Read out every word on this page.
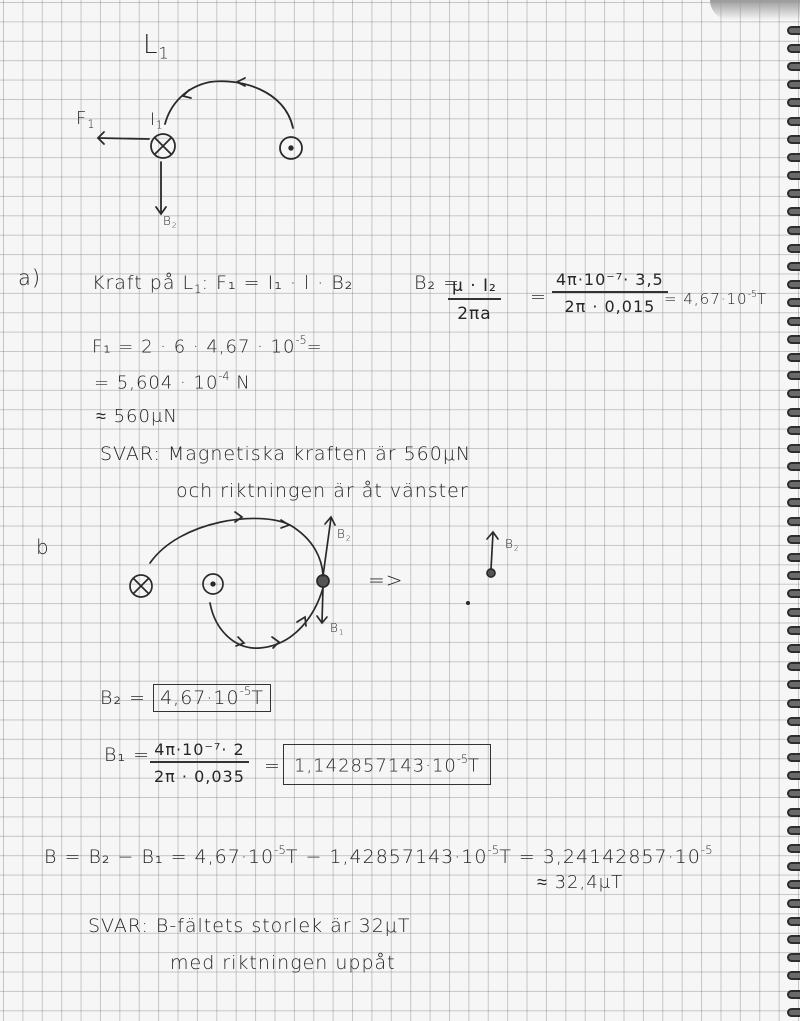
$L_1$
$I_1$
$F_1$
$B_2$
a)	Kraft på $L_1$: F₁ = I₁ · l · B₂	B₂ =
μ · I₂
2πa
=
4π·10⁻⁷· 3,5
$2\pi \cdot 0,015 = 4,67\cdot 10^{-5}T$
$F_1 = 2 \cdot 6 \cdot 4,67 \cdot 10^{-5}=$
= $5,604 \cdot 10^{-4}$ N
≈ 560μN
SVAR: Magnetiska kraften är 560μN
och riktningen är åt vänster
b
$B_2$
$B_1$
=>
$B_2$
$B_2 = 4,67\cdot 10^{-5}T$
B₁ = 4π·10⁻⁷· 2
$2\pi \cdot 0,035 = 1,142857143\cdot 10^{-5}T$
$B = B_2 - B_1 = 4,67\cdot 10^{-5}T - 1,42857143\cdot 10^{-5}T = 3,24142857\cdot 10^{-5}$
≈ 32,4μT
SVAR: B-fältets storlek är 32μT
med riktningen uppåt
